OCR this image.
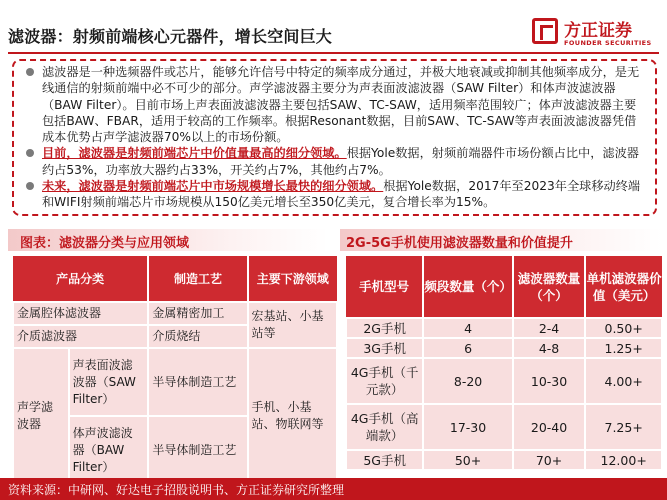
滤波器：射频前端核心元器件，增长空间巨大	方正证券
FOUNDER SECURITIES

滤波器是一种选频器件或芯片，能够允许信号中特定的频率成分通过，并极大地衰减或抑制其他频率成分，是无线通信的射频前端中必不可少的部分。声学滤波器主要分为声表面波滤波器（SAW Filter）和体声波滤波器（BAW Filter）。目前市场上声表面波滤波器主要包括SAW、TC-SAW，适用频率范围较广；体声波滤波器主要包括BAW、FBAR，适用于较高的工作频率。根据Resonant数据，目前SAW、TC-SAW等声表面波滤波器凭借成本优势占声学滤波器70%以上的市场份额。

目前，滤波器是射频前端芯片中价值量最高的细分领域。根据Yole数据，射频前端器件市场份额占比中，滤波器约占53%，功率放大器约占33%，开关约占7%，其他约占7%。

未来，滤波器是射频前端芯片中市场规模增长最快的细分领域。根据Yole数据，2017年至2023年全球移动终端和WIFI射频前端芯片市场规模从150亿美元增长至350亿美元，复合增长率为15%。

图表：滤波器分类与应用领域	2G-5G手机使用滤波器数量和价值提升
产品分类		制造工艺	主要下游领域
金属腔体滤波器		金属精密加工	宏基站、小基站等
介质滤波器		介质烧结	
声学滤波器	声表面波滤波器（SAW Filter）	半导体制造工艺	手机、小基站、物联网等
	体声波滤波器（BAW Filter）	半导体制造工艺	
手机型号	频段数量（个）	滤波器数量（个）	单机滤波器价值（美元）
2G手机	4	2-4	0.50+
3G手机	6	4-8	1.25+
4G手机（千元款）	8-20	10-30	4.00+
4G手机（高端款）	17-30	20-40	7.25+
5G手机	50+	70+	12.00+
资料来源：中研网、好达电子招股说明书、方正证券研究所整理
